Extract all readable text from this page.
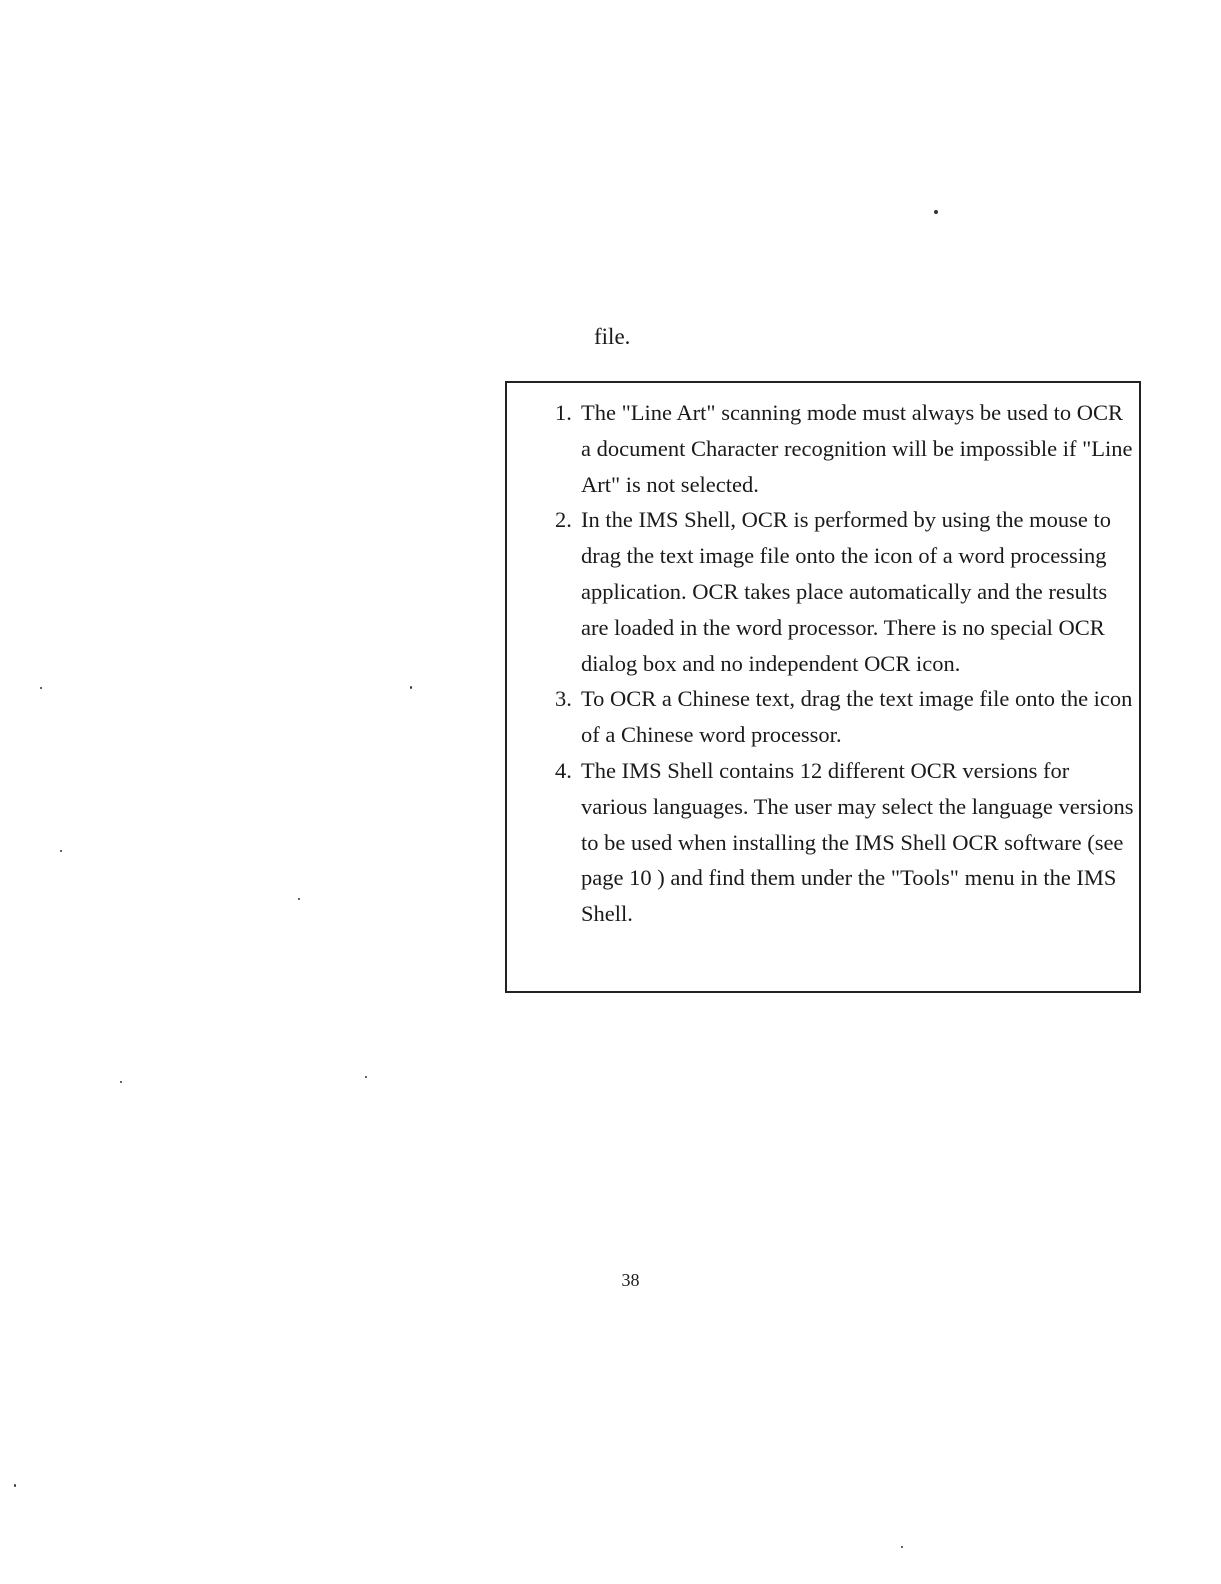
file.

1. The "Line Art" scanning mode must always be used to OCR a document Character recognition will be impossible if "Line Art" is not selected.
2. In the IMS Shell, OCR is performed by using the mouse to drag the text image file onto the icon of a word processing application. OCR takes place automatically and the results are loaded in the word processor. There is no special OCR dialog box and no independent OCR icon.
3. To OCR a Chinese text, drag the text image file onto the icon of a Chinese word processor.
4. The IMS Shell contains 12 different OCR versions for various languages. The user may select the language versions to be used when installing the IMS Shell OCR software (see page 10 ) and find them under the "Tools" menu in the IMS Shell.

38
